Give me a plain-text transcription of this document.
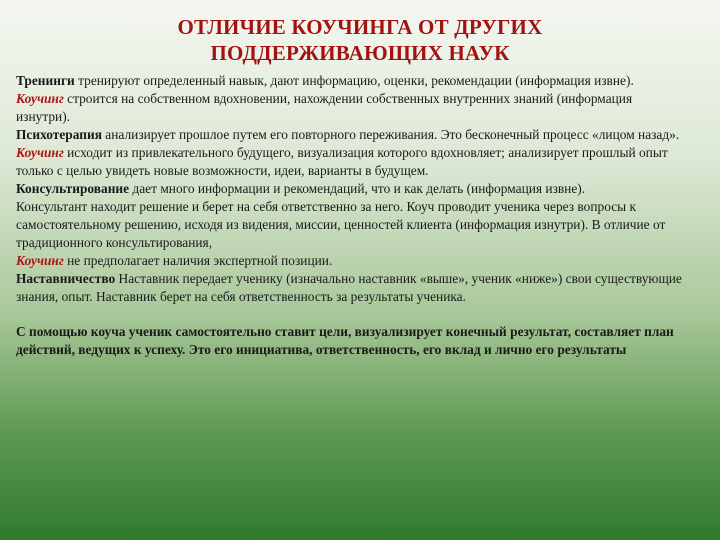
ОТЛИЧИЕ КОУЧИНГА ОТ ДРУГИХ
ПОДДЕРЖИВАЮЩИХ НАУК

Тренинги тренируют определенный навык, дают информацию, оценки, рекомендации (информация извне).

Коучинг строится на собственном вдохновении, нахождении собственных внутренних знаний (информация изнутри).

Психотерапия анализирует прошлое путем его повторного переживания. Это бесконечный процесс «лицом назад».

Коучинг исходит из привлекательного будущего, визуализация которого вдохновляет; анализирует прошлый опыт только с целью увидеть новые возможности, идеи, варианты в будущем.

Консультирование дает много информации и рекомендаций, что и как делать (информация извне).

Консультант находит решение и берет на себя ответственно за него. Коуч проводит ученика через вопросы к самостоятельному решению, исходя из видения, миссии, ценностей клиента (информация изнутри). В отличие от традиционного консультирования,

Коучинг не предполагает наличия экспертной позиции.

Наставничество Наставник передает ученику (изначально наставник «выше», ученик «ниже») свои существующие знания, опыт. Наставник берет на себя ответственность за результаты ученика.

С помощью коуча ученик самостоятельно ставит цели, визуализирует конечный результат, составляет план действий, ведущих к успеху. Это его инициатива, ответственность, его вклад и лично его результаты
